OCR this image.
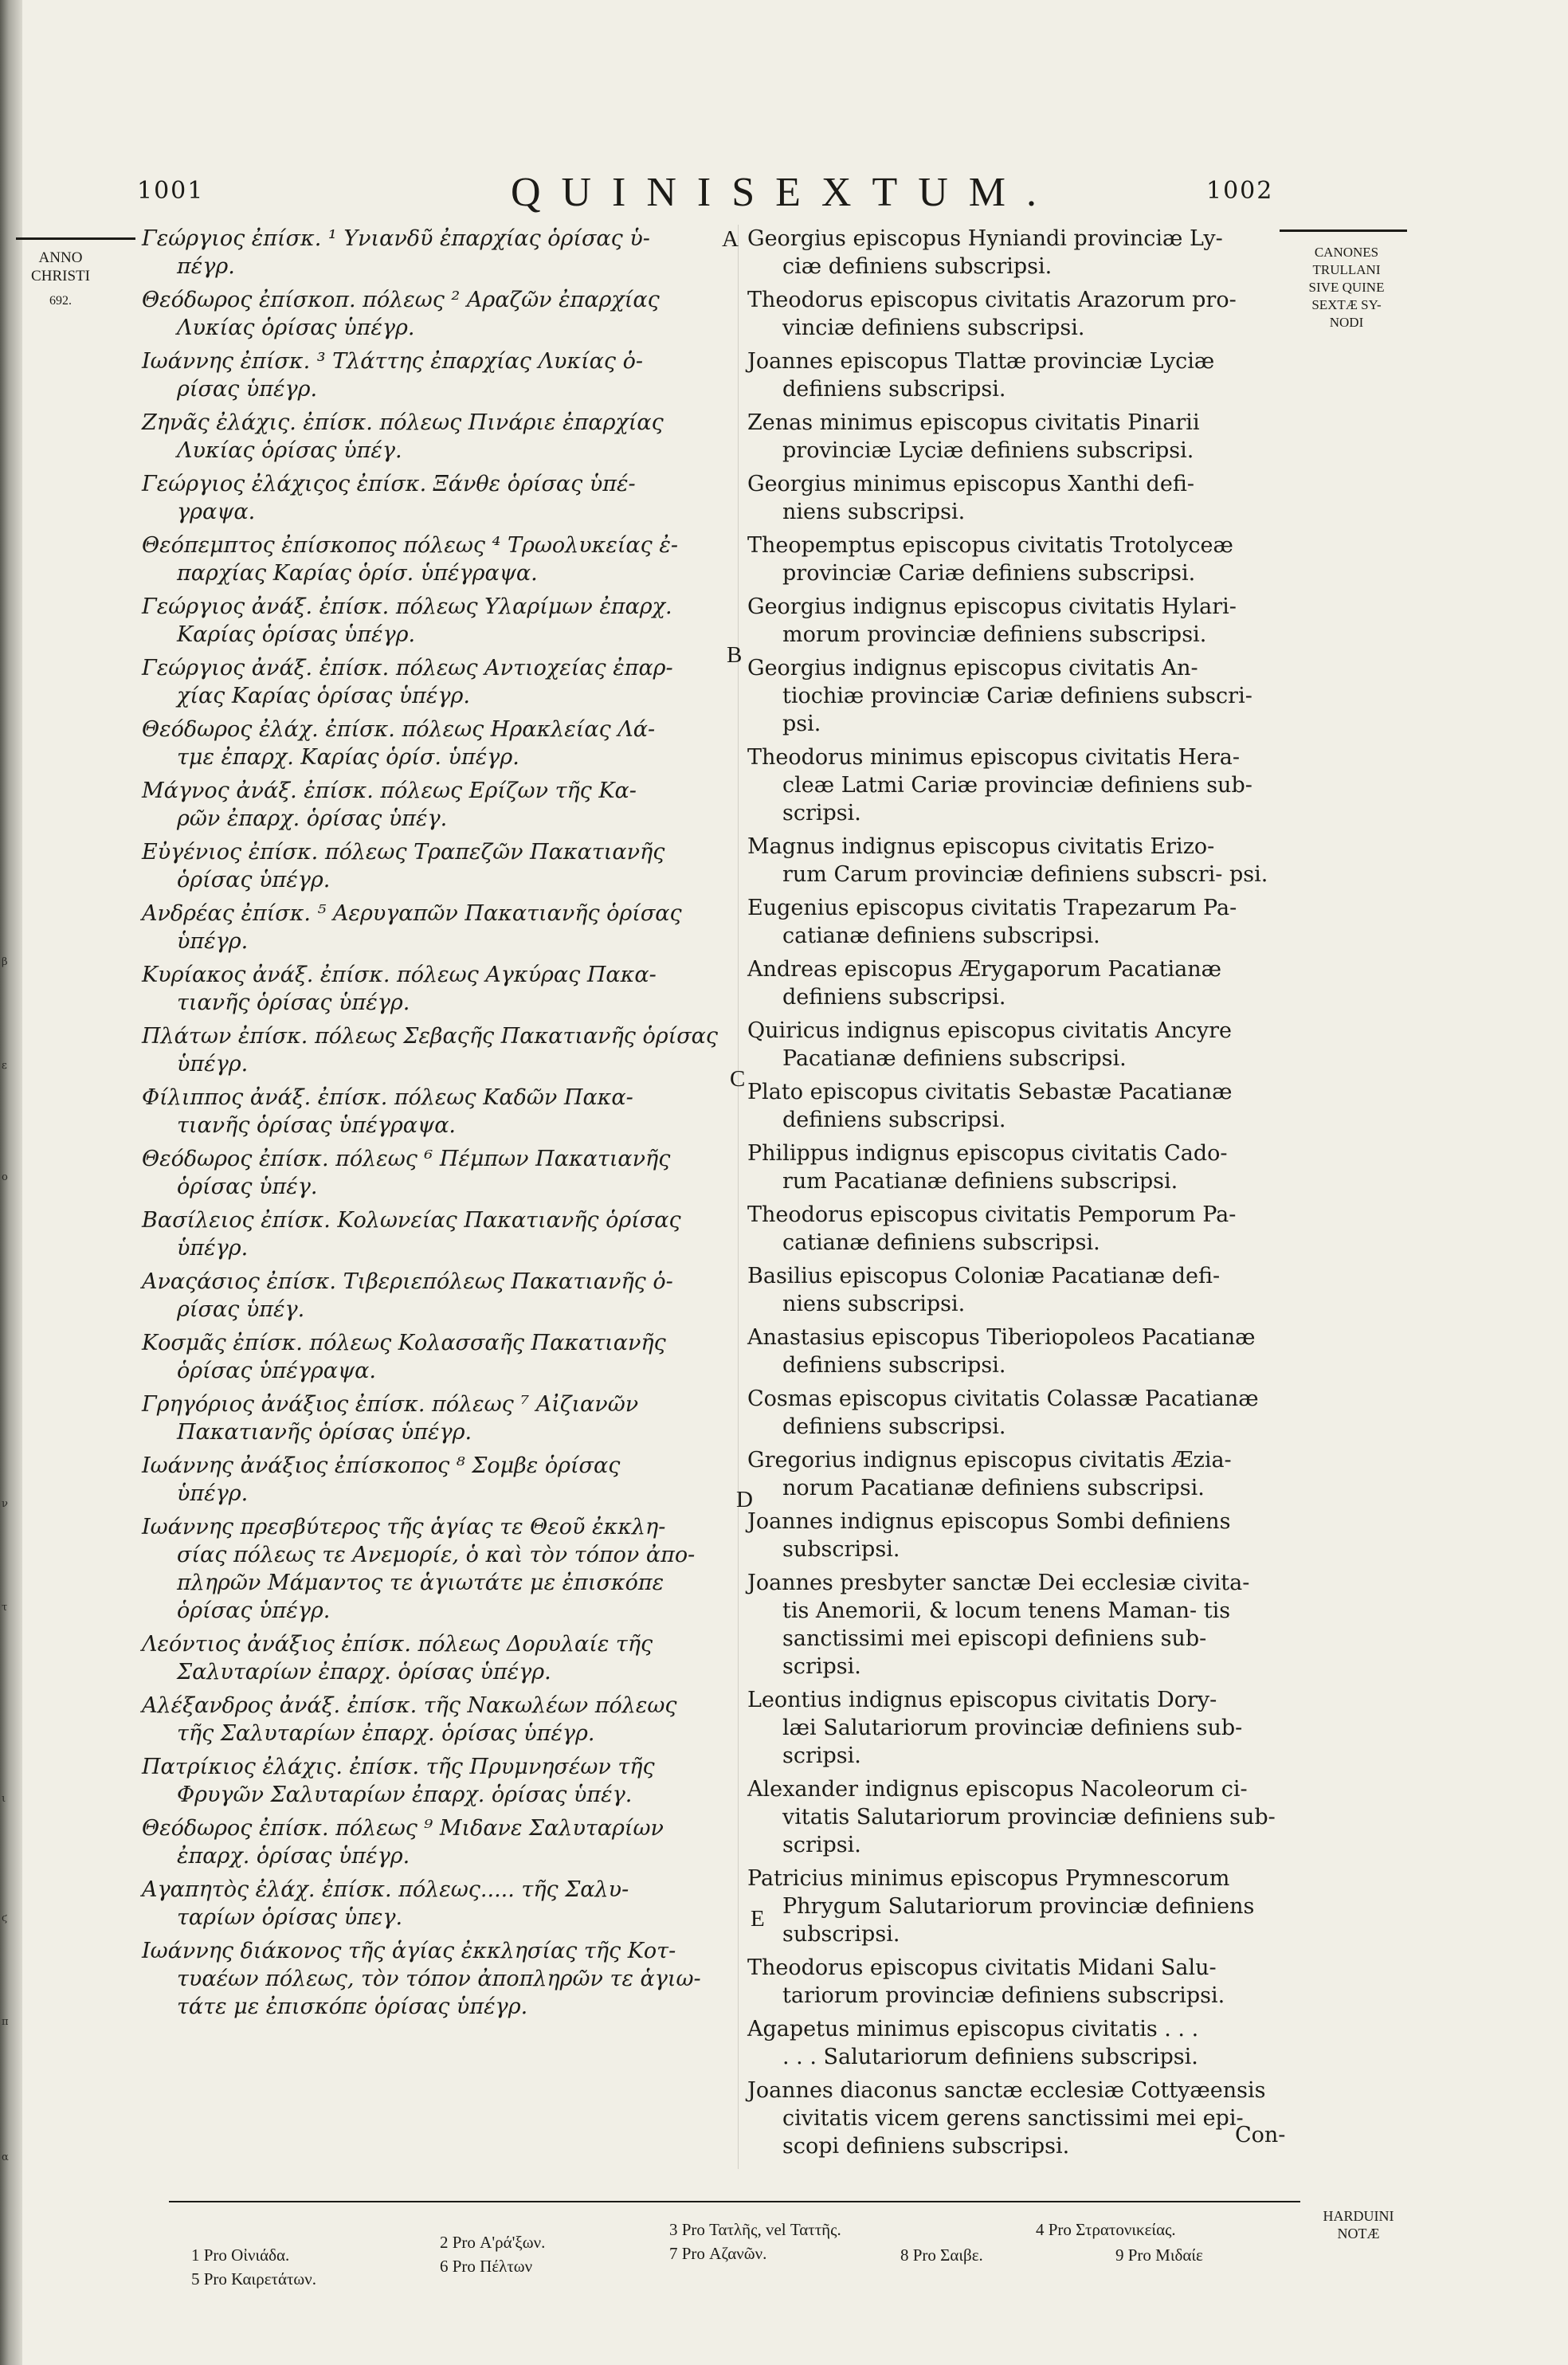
β
ε
ο
ν
τ
ι
ϛ
π
α
1001	QUINISEXTUM.	1002
ANNO
CHRISTI
692.
CANONES
TRULLANI
SIVE QUINE
SEXTÆ SY-
NODI
A
B
C
D
E
Γεώργιος ἐπίσκ. ¹ Υνιανδῦ ἐπαρχίας ὁρίσας ὑ-
πέγρ.
Θεόδωρος ἐπίσκοπ. πόλεως ² Αραζῶν ἐπαρχίας
Λυκίας ὁρίσας ὑπέγρ.
Ιωάννης ἐπίσκ. ³ Τλάττης ἐπαρχίας Λυκίας ὁ-
ρίσας ὑπέγρ.
Ζηνᾶς ἐλάχις. ἐπίσκ. πόλεως Πινάριε ἐπαρχίας
Λυκίας ὁρίσας ὑπέγ.
Γεώργιος ἐλάχιςος ἐπίσκ. Ξάνθε ὁρίσας ὑπέ-
γραψα.
Θεόπεμπτος ἐπίσκοπος πόλεως ⁴ Τρωολυκείας ἐ-
παρχίας Καρίας ὁρίσ. ὑπέγραψα.
Γεώργιος ἀνάξ. ἐπίσκ. πόλεως Υλαρίμων ἐπαρχ.
Καρίας ὁρίσας ὑπέγρ.
Γεώργιος ἀνάξ. ἐπίσκ. πόλεως Αντιοχείας ἐπαρ-
χίας Καρίας ὁρίσας ὑπέγρ.
Θεόδωρος ἐλάχ. ἐπίσκ. πόλεως Ηρακλείας Λά-
τμε ἐπαρχ. Καρίας ὁρίσ. ὑπέγρ.
Μάγνος ἀνάξ. ἐπίσκ. πόλεως Ερίζων τῆς Κα-
ρῶν ἐπαρχ. ὁρίσας ὑπέγ.
Εὐγένιος ἐπίσκ. πόλεως Τραπεζῶν Πακατιανῆς
ὁρίσας ὑπέγρ.
Ανδρέας ἐπίσκ. ⁵ Αερυγαπῶν Πακατιανῆς ὁρίσας
ὑπέγρ.
Κυρίακος ἀνάξ. ἐπίσκ. πόλεως Αγκύρας Πακα-
τιανῆς ὁρίσας ὑπέγρ.
Πλάτων ἐπίσκ. πόλεως Σεβαςῆς Πακατιανῆς ὁρίσας
ὑπέγρ.
Φίλιππος ἀνάξ. ἐπίσκ. πόλεως Καδῶν Πακα-
τιανῆς ὁρίσας ὑπέγραψα.
Θεόδωρος ἐπίσκ. πόλεως ⁶ Πέμπων Πακατιανῆς
ὁρίσας ὑπέγ.
Βασίλειος ἐπίσκ. Κολωνείας Πακατιανῆς ὁρίσας
ὑπέγρ.
Αναςάσιος ἐπίσκ. Τιβεριεπόλεως Πακατιανῆς ὁ-
ρίσας ὑπέγ.
Κοσμᾶς ἐπίσκ. πόλεως Κολασσαῆς Πακατιανῆς
ὁρίσας ὑπέγραψα.
Γρηγόριος ἀνάξιος ἐπίσκ. πόλεως ⁷ Αἰζιανῶν
Πακατιανῆς ὁρίσας ὑπέγρ.
Ιωάννης ἀνάξιος ἐπίσκοπος ⁸ Σομβε ὁρίσας
ὑπέγρ.
Ιωάννης πρεσβύτερος τῆς ἁγίας τε Θεοῦ ἐκκλη-
σίας πόλεως τε Ανεμορίε, ὁ καὶ τὸν τόπον ἀπο- πληρῶν Μάμαντος τε ἁγιωτάτε με ἐπισκόπε ὁρίσας ὑπέγρ.
Λεόντιος ἀνάξιος ἐπίσκ. πόλεως Δορυλαίε τῆς
Σαλυταρίων ἐπαρχ. ὁρίσας ὑπέγρ.
Αλέξανδρος ἀνάξ. ἐπίσκ. τῆς Νακωλέων πόλεως
τῆς Σαλυταρίων ἐπαρχ. ὁρίσας ὑπέγρ.
Πατρίκιος ἐλάχις. ἐπίσκ. τῆς Πρυμνησέων τῆς
Φρυγῶν Σαλυταρίων ἐπαρχ. ὁρίσας ὑπέγ.
Θεόδωρος ἐπίσκ. πόλεως ⁹ Μιδανε Σαλυταρίων
ἐπαρχ. ὁρίσας ὑπέγρ.
Αγαπητὸς ἐλάχ. ἐπίσκ. πόλεως..... τῆς Σαλυ-
ταρίων ὁρίσας ὑπεγ.
Ιωάννης διάκονος τῆς ἁγίας ἐκκλησίας τῆς Κοτ-
τυαέων πόλεως, τὸν τόπον ἀποπληρῶν τε ἁγιω- τάτε με ἐπισκόπε ὁρίσας ὑπέγρ.
Georgius episcopus Hyniandi provinciæ Ly-
ciæ definiens subscripsi.
Theodorus episcopus civitatis Arazorum pro-
vinciæ definiens subscripsi.
Joannes episcopus Tlattæ provinciæ Lyciæ
definiens subscripsi.
Zenas minimus episcopus civitatis Pinarii
provinciæ Lyciæ definiens subscripsi.
Georgius minimus episcopus Xanthi defi-
niens subscripsi.
Theopemptus episcopus civitatis Trotolyceæ
provinciæ Cariæ definiens subscripsi.
Georgius indignus episcopus civitatis Hylari-
morum provinciæ definiens subscripsi.
Georgius indignus episcopus civitatis An-
tiochiæ provinciæ Cariæ definiens subscri- psi.
Theodorus minimus episcopus civitatis Hera-
cleæ Latmi Cariæ provinciæ definiens sub- scripsi.
Magnus indignus episcopus civitatis Erizo-
rum Carum provinciæ definiens subscri- psi.
Eugenius episcopus civitatis Trapezarum Pa-
catianæ definiens subscripsi.
Andreas episcopus Ærygaporum Pacatianæ
definiens subscripsi.
Quiricus indignus episcopus civitatis Ancyre
Pacatianæ definiens subscripsi.
Plato episcopus civitatis Sebastæ Pacatianæ
definiens subscripsi.
Philippus indignus episcopus civitatis Cado-
rum Pacatianæ definiens subscripsi.
Theodorus episcopus civitatis Pemporum Pa-
catianæ definiens subscripsi.
Basilius episcopus Coloniæ Pacatianæ defi-
niens subscripsi.
Anastasius episcopus Tiberiopoleos Pacatianæ
definiens subscripsi.
Cosmas episcopus civitatis Colassæ Pacatianæ
definiens subscripsi.
Gregorius indignus episcopus civitatis Æzia-
norum Pacatianæ definiens subscripsi.
Joannes indignus episcopus Sombi definiens
subscripsi.
Joannes presbyter sanctæ Dei ecclesiæ civita-
tis Anemorii, & locum tenens Maman- tis sanctissimi mei episcopi definiens sub- scripsi.
Leontius indignus episcopus civitatis Dory-
læi Salutariorum provinciæ definiens sub- scripsi.
Alexander indignus episcopus Nacoleorum ci-
vitatis Salutariorum provinciæ definiens sub- scripsi.
Patricius minimus episcopus Prymnescorum
Phrygum Salutariorum provinciæ definiens subscripsi.
Theodorus episcopus civitatis Midani Salu-
tariorum provinciæ definiens subscripsi.
Agapetus minimus episcopus civitatis . . .
. . . Salutariorum definiens subscripsi.
Joannes diaconus sanctæ ecclesiæ Cottyæensis
civitatis vicem gerens sanctissimi mei epi- scopi definiens subscripsi.	Con-
1 Pro Οἰνιάδα.
2 Pro Α'ρά'ξων.
3 Pro Τατλῆς, vel Ταττῆς.	4 Pro Στρατονικείας.
5 Pro Καιρετάτων.
6 Pro Πέλτων
7 Pro Αζανῶν.	8 Pro Σαιβε.	9 Pro Μιδαίε
HARDUINI
NOTÆ
